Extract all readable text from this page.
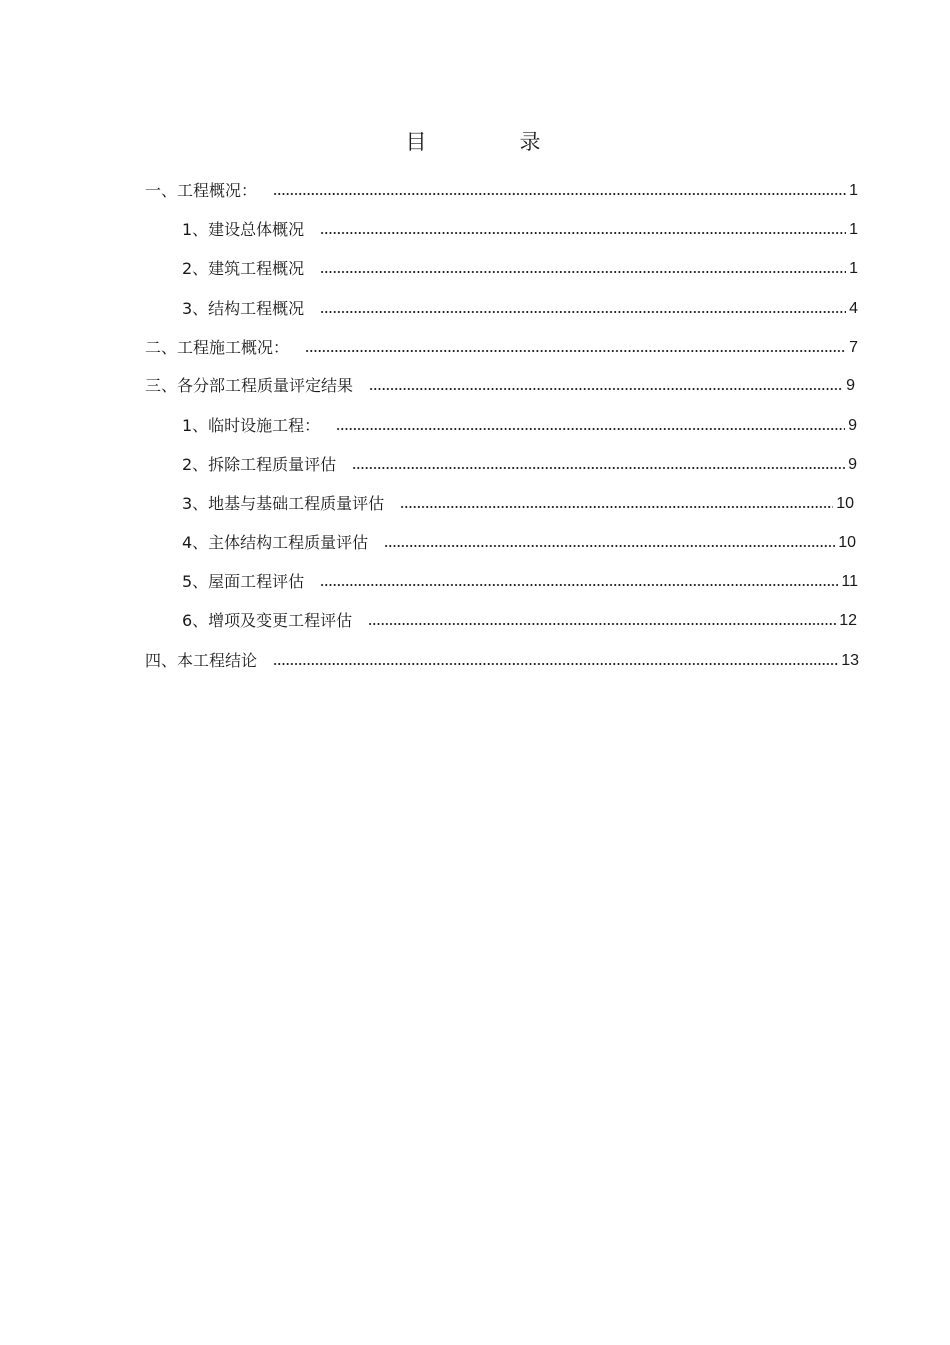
目　录
一、工程概况：	1
1、建设总体概况	1
2、建筑工程概况	1
3、结构工程概况	4
二、工程施工概况：	7
三、各分部工程质量评定结果	9
1、临时设施工程：	9
2、拆除工程质量评估	9
3、地基与基础工程质量评估	10
4、主体结构工程质量评估	10
5、屋面工程评估	11
6、增项及变更工程评估	12
四、本工程结论	13
